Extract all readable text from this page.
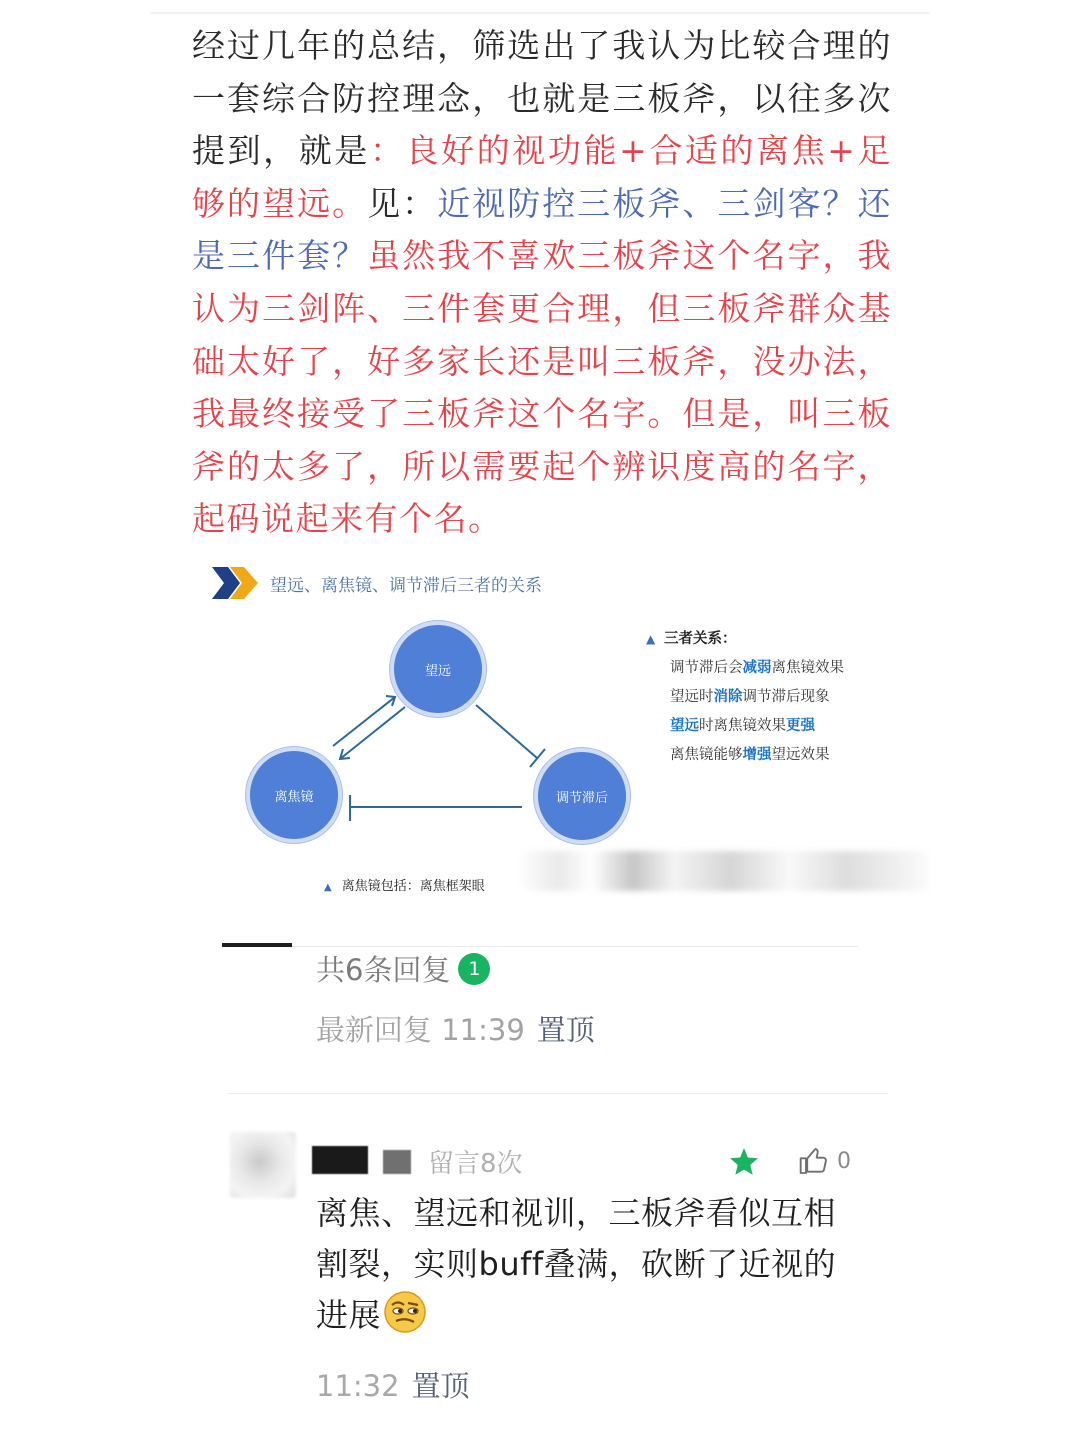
经过几年的总结，筛选出了我认为比较合理的一套综合防控理念，也就是三板斧，以往多次提到，就是：良好的视功能+合适的离焦+足够的望远。见：近视防控三板斧、三剑客？还是三件套？虽然我不喜欢三板斧这个名字，我认为三剑阵、三件套更合理，但三板斧群众基础太好了，好多家长还是叫三板斧，没办法，我最终接受了三板斧这个名字。但是，叫三板斧的太多了，所以需要起个辨识度高的名字，起码说起来有个名。
望远、离焦镜、调节滞后三者的关系
望远
离焦镜	调节滞后
▲ 三者关系：
调节滞后会减弱离焦镜效果
望远时消除调节滞后现象
望远时离焦镜效果更强
离焦镜能够增强望远效果
▲ 离焦镜包括：离焦框架眼
共6条回复 1
最新回复 11:39 置顶
留言8次	0
离焦、望远和视训，三板斧看似互相割裂，实则buff叠满，砍断了近视的进展
11:32 置顶
